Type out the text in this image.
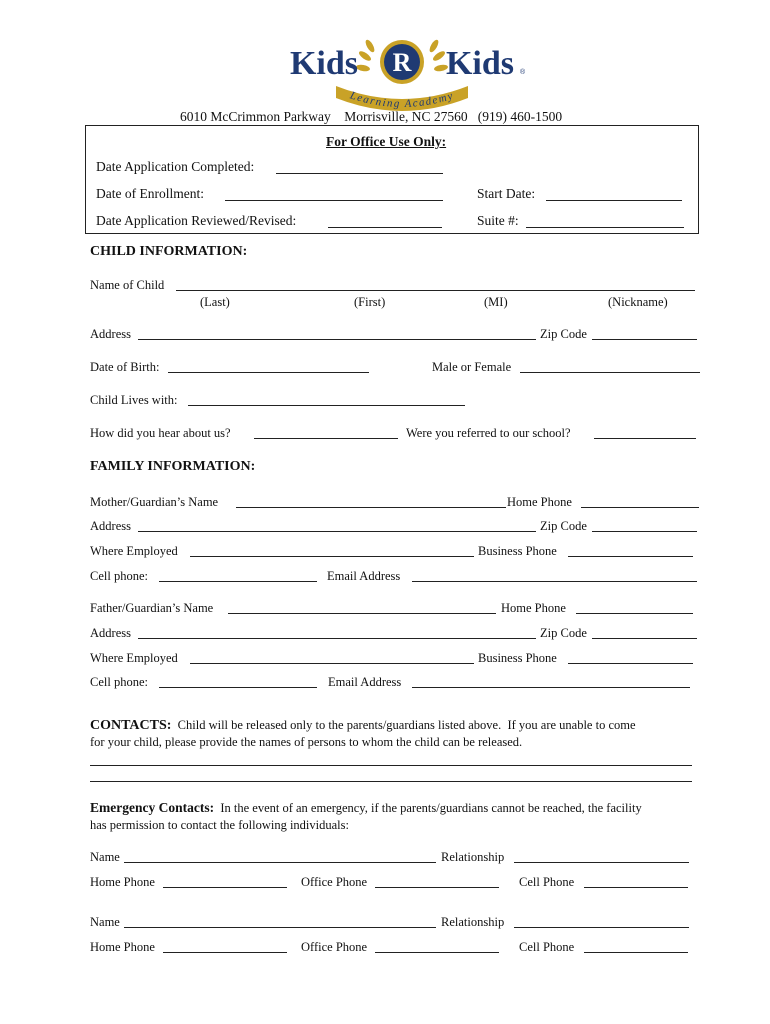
R
Kids	Kids ®
Learning Academy
6010 McCrimmon Parkway    Morrisville, NC 27560   (919) 460-1500
For Office Use Only:
Date Application Completed:
Date of Enrollment:	Start Date:
Date Application Reviewed/Revised:	Suite #:
CHILD INFORMATION:
Name of Child
(Last)	(First)	(MI)	(Nickname)
Address	Zip Code
Date of Birth:	Male or Female
Child Lives with:
How did you hear about us?	Were you referred to our school?
FAMILY INFORMATION:
Mother/Guardian’s Name	Home Phone
Address	Zip Code
Where Employed	Business Phone
Cell phone:	Email Address
Father/Guardian’s Name	Home Phone
Address	Zip Code
Where Employed	Business Phone
Cell phone:	Email Address
CONTACTS: Child will be released only to the parents/guardians listed above.  If you are unable to come
for your child, please provide the names of persons to whom the child can be released.
Emergency Contacts: In the event of an emergency, if the parents/guardians cannot be reached, the facility
has permission to contact the following individuals:
Name	Relationship
Home Phone	Office Phone	Cell Phone
Name	Relationship
Home Phone	Office Phone	Cell Phone
